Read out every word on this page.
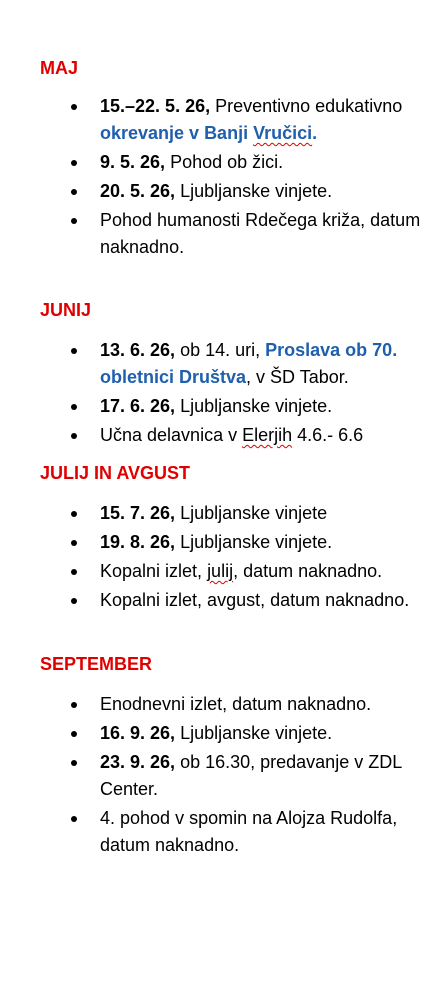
MAJ
15.–22. 5. 26, Preventivno edukativno okrevanje v Banji Vručici.
9. 5. 26, Pohod ob žici.
20. 5. 26, Ljubljanske vinjete.
Pohod humanosti Rdečega križa, datum naknadno.
JUNIJ
13. 6. 26, ob 14. uri, Proslava ob 70. obletnici Društva, v ŠD Tabor.
17. 6. 26, Ljubljanske vinjete.
Učna delavnica v Elerjih 4.6.- 6.6
JULIJ IN AVGUST
15. 7. 26, Ljubljanske vinjete
19. 8. 26, Ljubljanske vinjete.
Kopalni izlet, julij, datum naknadno.
Kopalni izlet, avgust, datum naknadno.
SEPTEMBER
Enodnevni izlet, datum naknadno.
16. 9. 26, Ljubljanske vinjete.
23. 9. 26, ob 16.30, predavanje v ZDL Center.
4. pohod v spomin na Alojza Rudolfa, datum naknadno.
